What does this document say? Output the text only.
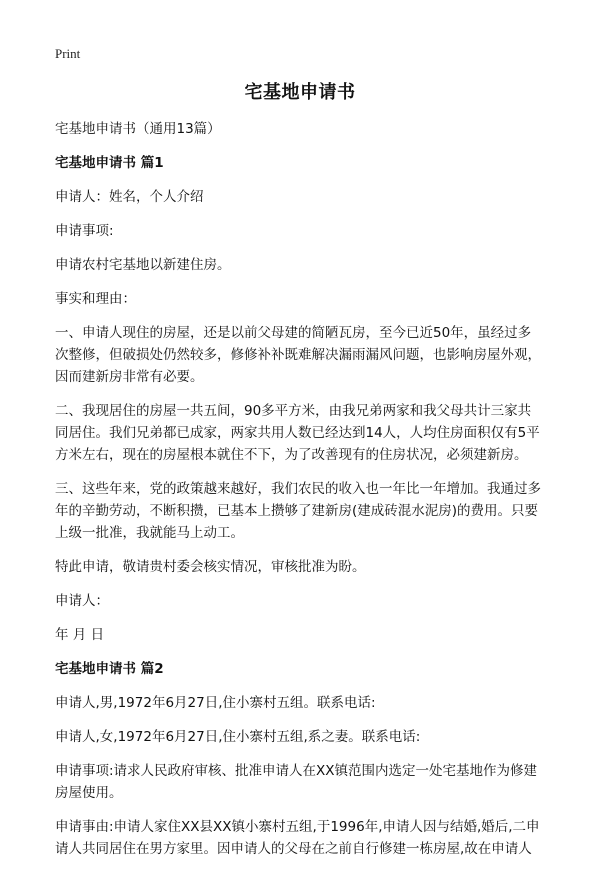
Print
宅基地申请书

宅基地申请书（通用13篇）

宅基地申请书 篇1

申请人：姓名，个人介绍

申请事项:

申请农村宅基地以新建住房。

事实和理由：

一、申请人现住的房屋，还是以前父母建的简陋瓦房，至今已近50年，虽经过多次整修，但破损处仍然较多，修修补补既难解决漏雨漏风问题，也影响房屋外观，因而建新房非常有必要。

二、我现居住的房屋一共五间，90多平方米，由我兄弟两家和我父母共计三家共同居住。我们兄弟都已成家，两家共用人数已经达到14人，人均住房面积仅有5平方米左右，现在的房屋根本就住不下，为了改善现有的住房状况，必须建新房。

三、这些年来，党的政策越来越好，我们农民的收入也一年比一年增加。我通过多年的辛勤劳动，不断积攒，已基本上攒够了建新房(建成砖混水泥房)的费用。只要上级一批准，我就能马上动工。

特此申请，敬请贵村委会核实情况，审核批准为盼。

申请人：

年 月 日

宅基地申请书 篇2

申请人,男,1972年6月27日,住小寨村五组。联系电话:

申请人,女,1972年6月27日,住小寨村五组,系之妻。联系电话:

申请事项:请求人民政府审核、批准申请人在XX镇范围内选定一处宅基地作为修建房屋使用。

申请事由:申请人家住XX县XX镇小寨村五组,于1996年,申请人因与结婚,婚后,二申请人共同居住在男方家里。因申请人的父母在之前自行修建一栋房屋,故在申请人
